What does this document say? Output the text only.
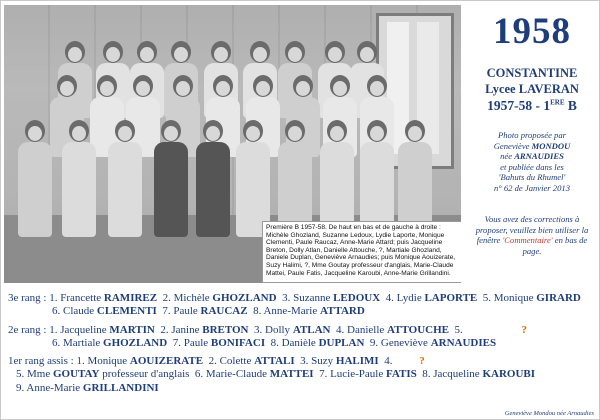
Première B 1957-58. De haut en bas et de gauche à droite : Michèle Ghozland, Suzanne Ledoux, Lydie Laporte, Monique Clementi, Paule Raucaz, Anne-Marie Attard; puis Jacqueline Breton, Dolly Atlan, Danielle Attouche, ?, Martiale Ghozland, Daniele Duplan, Geneviève Arnaudies; puis Monique Aouizerate, Suzy Halimi, ?, Mme Goutay professeur d'anglais, Marie-Claude Mattei, Paule Fatis, Jacqueline Karoubi, Anne-Marie Grillandini.
1958
CONSTANTINE
Lycee LAVERAN
1957-58 - 1ERE B
Photo proposée par
Geneviève MONDOU
née ARNAUDIES
et publiée dans les
'Bahuts du Rhumel'
n° 62 de Janvier 2013
Vous avez des corrections à proposer, veuillez bien utiliser la fenêtre 'Commentaire' en bas de page.
3e rang : 1. Francette RAMIREZ 2. Michèle GHOZLAND 3. Suzanne LEDOUX 4. Lydie LAPORTE 5. Monique GIRARD
6. Claude CLEMENTI 7. Paule RAUCAZ 8. Anne-Marie ATTARD
2e rang : 1. Jacqueline MARTIN 2. Janine BRETON 3. Dolly ATLAN 4. Danielle ATTOUCHE 5.	?
6. Martiale GHOZLAND 7. Paule BONIFACI 8. Danièle DUPLAN 9. Geneviève ARNAUDIES
1er rang assis : 1. Monique AOUIZERATE 2. Colette ATTALI 3. Suzy HALIMI 4. ?
5. Mme GOUTAY professeur d'anglais 6. Marie-Claude MATTEI 7. Lucie-Paule FATIS 8. Jacqueline KAROUBI
9. Anne-Marie GRILLANDINI
Geneviève Mondou née Arnaudies
